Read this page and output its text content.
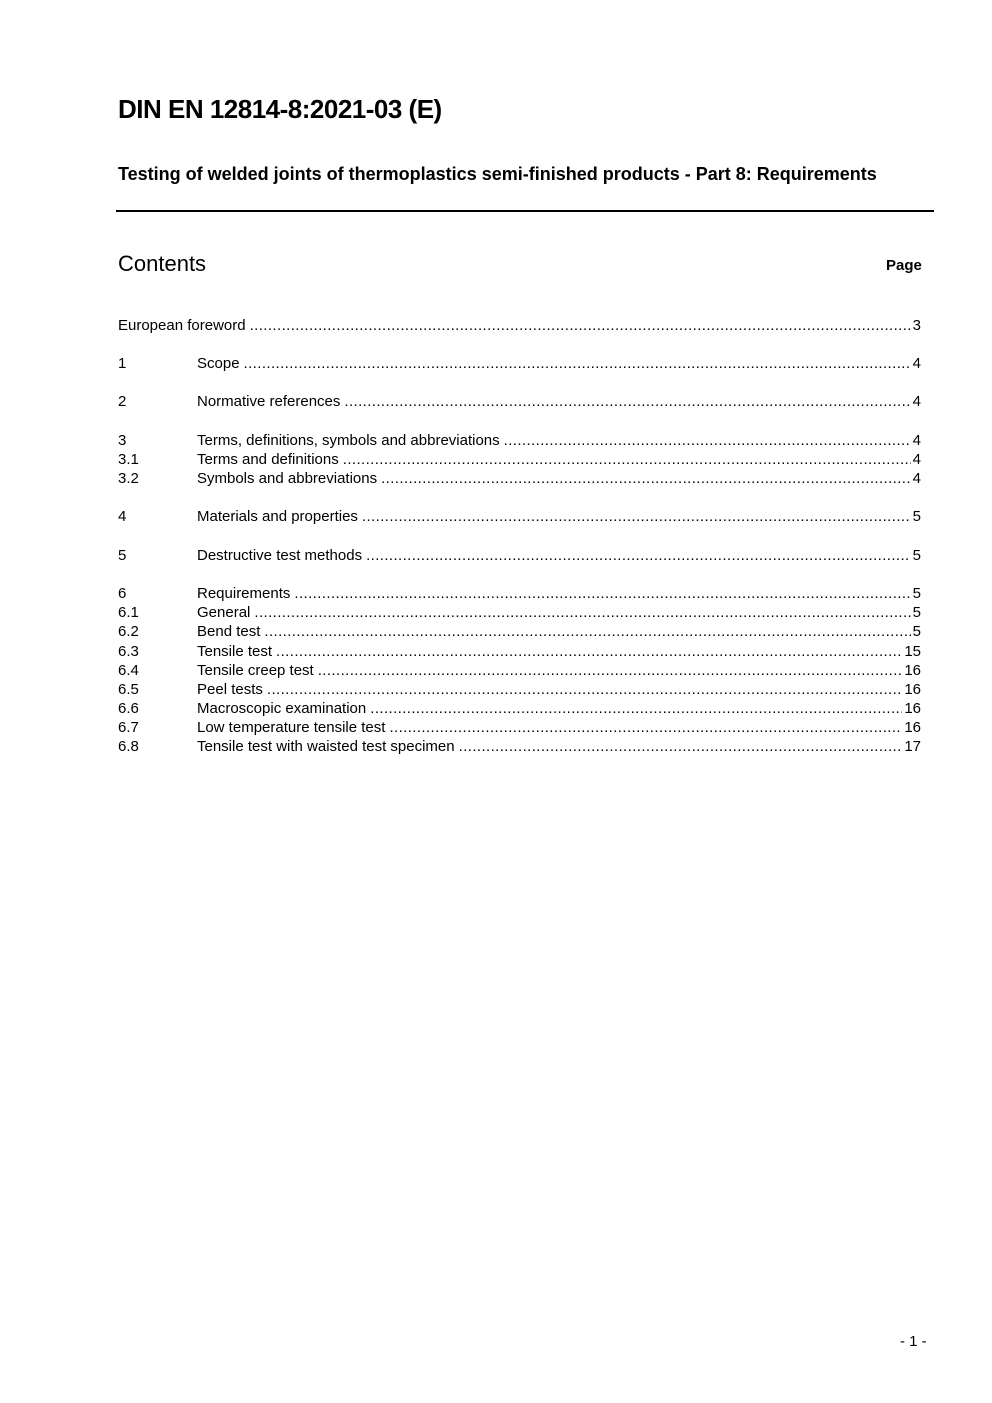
DIN EN 12814-8:2021-03 (E)
Testing of welded joints of thermoplastics semi-finished products - Part 8: Requirements
Contents	Page
European foreword .....	3
1	Scope .....	4
2	Normative references .....	4
3	Terms, definitions, symbols and abbreviations .....	4
3.1	Terms and definitions .....	4
3.2	Symbols and abbreviations .....	4
4	Materials and properties .....	5
5	Destructive test methods .....	5
6	Requirements .....	5
6.1	General .....	5
6.2	Bend test .....	5
6.3	Tensile test .....	15
6.4	Tensile creep test .....	16
6.5	Peel tests .....	16
6.6	Macroscopic examination .....	16
6.7	Low temperature tensile test .....	16
6.8	Tensile test with waisted test specimen .....	17
- 1 -
